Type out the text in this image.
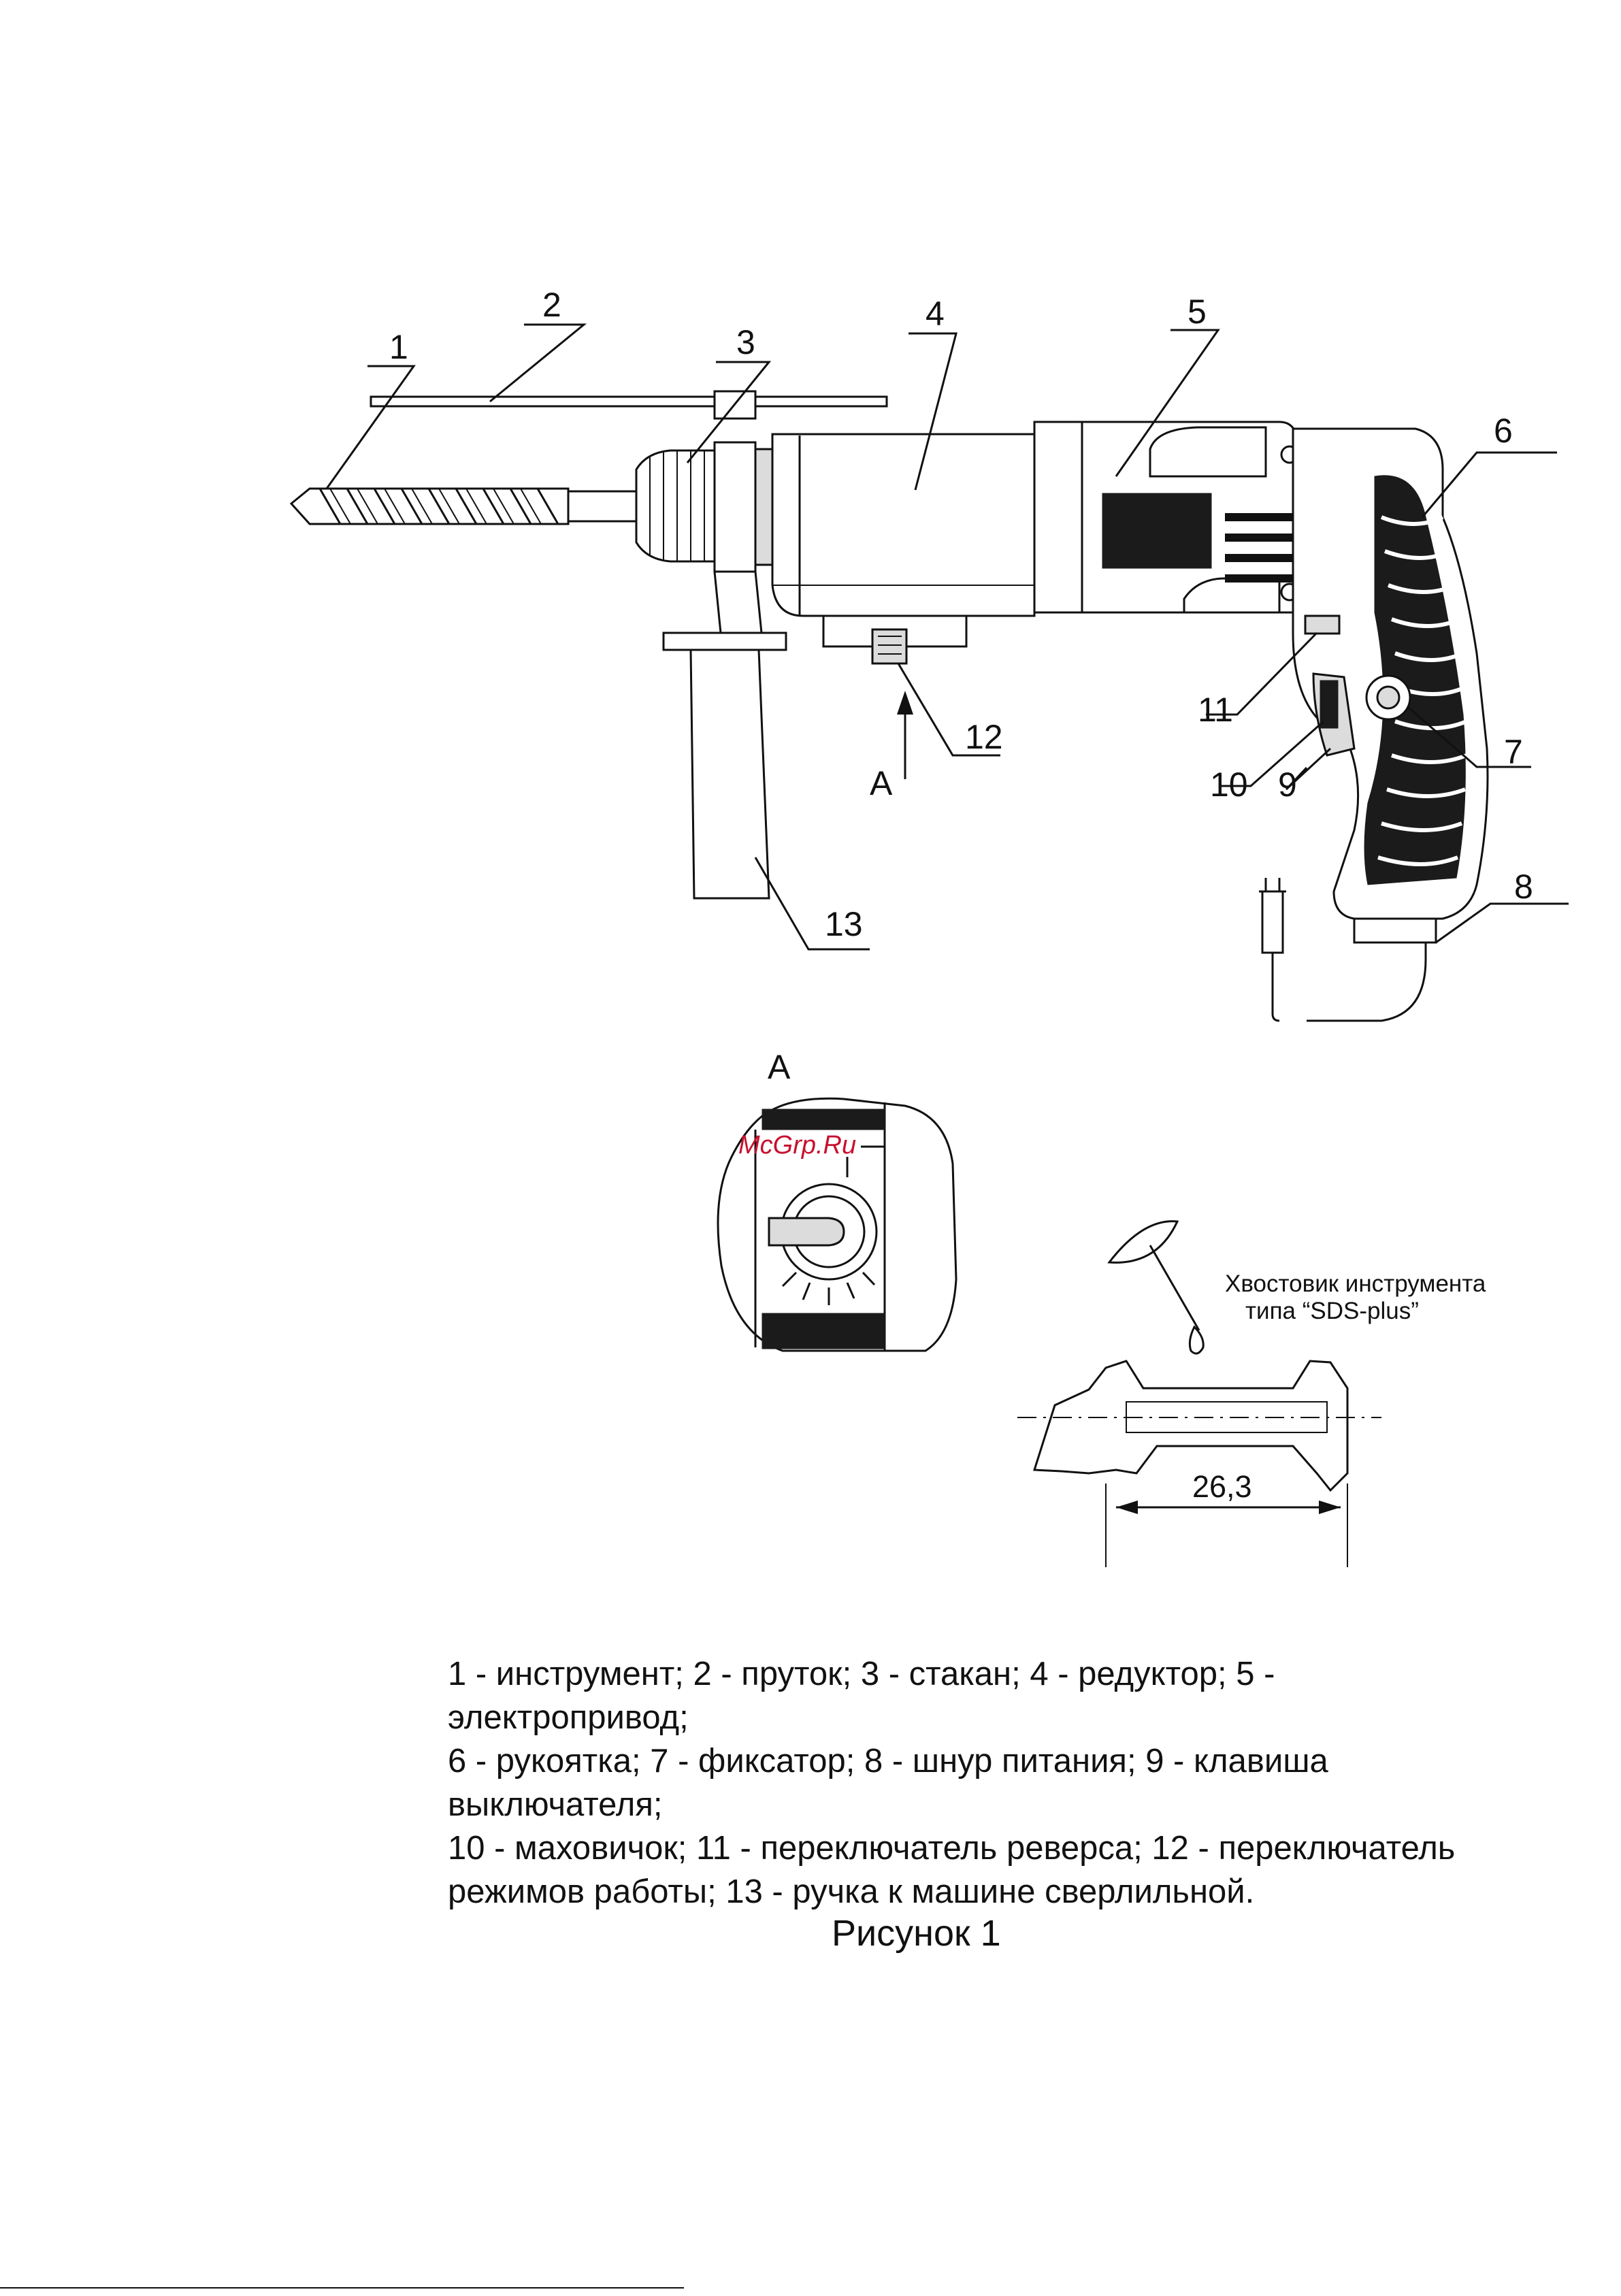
1
2
3
4	5
6
7
8
9
10
11
12
13
A
A
McGrp.Ru
26,3
Хвостовик инструмента
типа “SDS-plus”
1 - инструмент; 2 - пруток; 3 - стакан; 4 - редуктор; 5 - электропривод;
6 - рукоятка; 7 - фиксатор; 8 - шнур питания; 9 - клавиша выключателя;
10 - маховичок; 11 - переключатель реверса; 12 - переключатель
режимов работы; 13 - ручка к машине сверлильной.
Рисунок 1
